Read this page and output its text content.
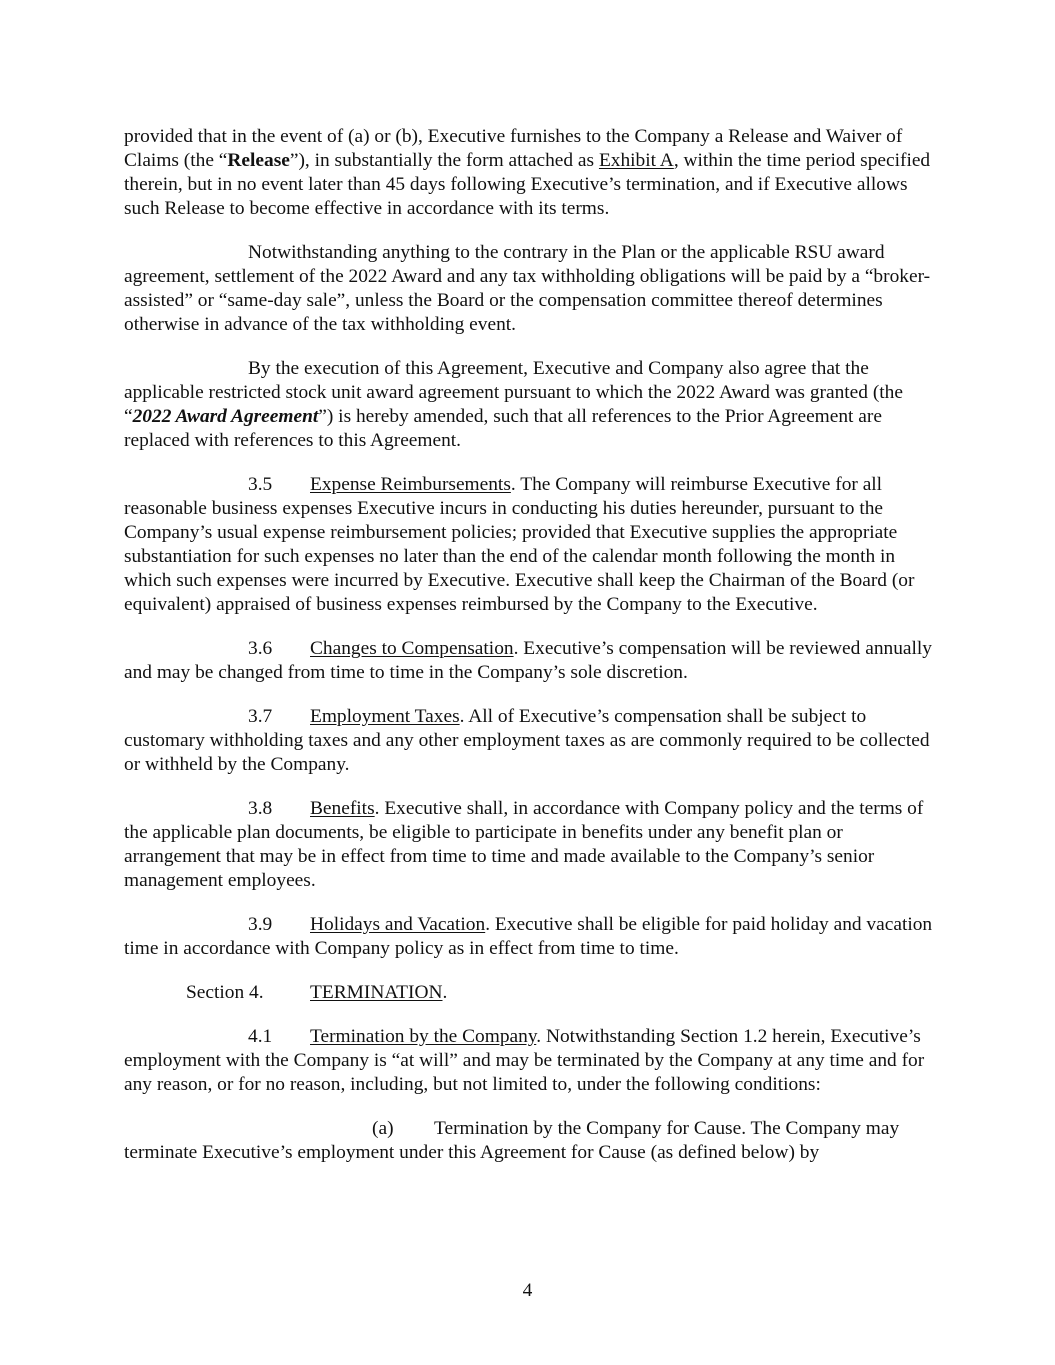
provided that in the event of (a) or (b), Executive furnishes to the Company a Release and Waiver of Claims (the “Release”), in substantially the form attached as Exhibit A, within the time period specified therein, but in no event later than 45 days following Executive’s termination, and if Executive allows such Release to become effective in accordance with its terms.

Notwithstanding anything to the contrary in the Plan or the applicable RSU award agreement, settlement of the 2022 Award and any tax withholding obligations will be paid by a “broker-assisted” or “same-day sale”, unless the Board or the compensation committee thereof determines otherwise in advance of the tax withholding event.

By the execution of this Agreement, Executive and Company also agree that the applicable restricted stock unit award agreement pursuant to which the 2022 Award was granted (the “2022 Award Agreement”) is hereby amended, such that all references to the Prior Agreement are replaced with references to this Agreement.

3.5 Expense Reimbursements. The Company will reimburse Executive for all reasonable business expenses Executive incurs in conducting his duties hereunder, pursuant to the Company’s usual expense reimbursement policies; provided that Executive supplies the appropriate substantiation for such expenses no later than the end of the calendar month following the month in which such expenses were incurred by Executive. Executive shall keep the Chairman of the Board (or equivalent) appraised of business expenses reimbursed by the Company to the Executive.

3.6 Changes to Compensation. Executive’s compensation will be reviewed annually and may be changed from time to time in the Company’s sole discretion.

3.7 Employment Taxes. All of Executive’s compensation shall be subject to customary withholding taxes and any other employment taxes as are commonly required to be collected or withheld by the Company.

3.8 Benefits. Executive shall, in accordance with Company policy and the terms of the applicable plan documents, be eligible to participate in benefits under any benefit plan or arrangement that may be in effect from time to time and made available to the Company’s senior management employees.

3.9 Holidays and Vacation. Executive shall be eligible for paid holiday and vacation time in accordance with Company policy as in effect from time to time.

Section 4. TERMINATION.

4.1 Termination by the Company. Notwithstanding Section 1.2 herein, Executive’s employment with the Company is “at will” and may be terminated by the Company at any time and for any reason, or for no reason, including, but not limited to, under the following conditions:

(a) Termination by the Company for Cause. The Company may terminate Executive’s employment under this Agreement for Cause (as defined below) by

4
